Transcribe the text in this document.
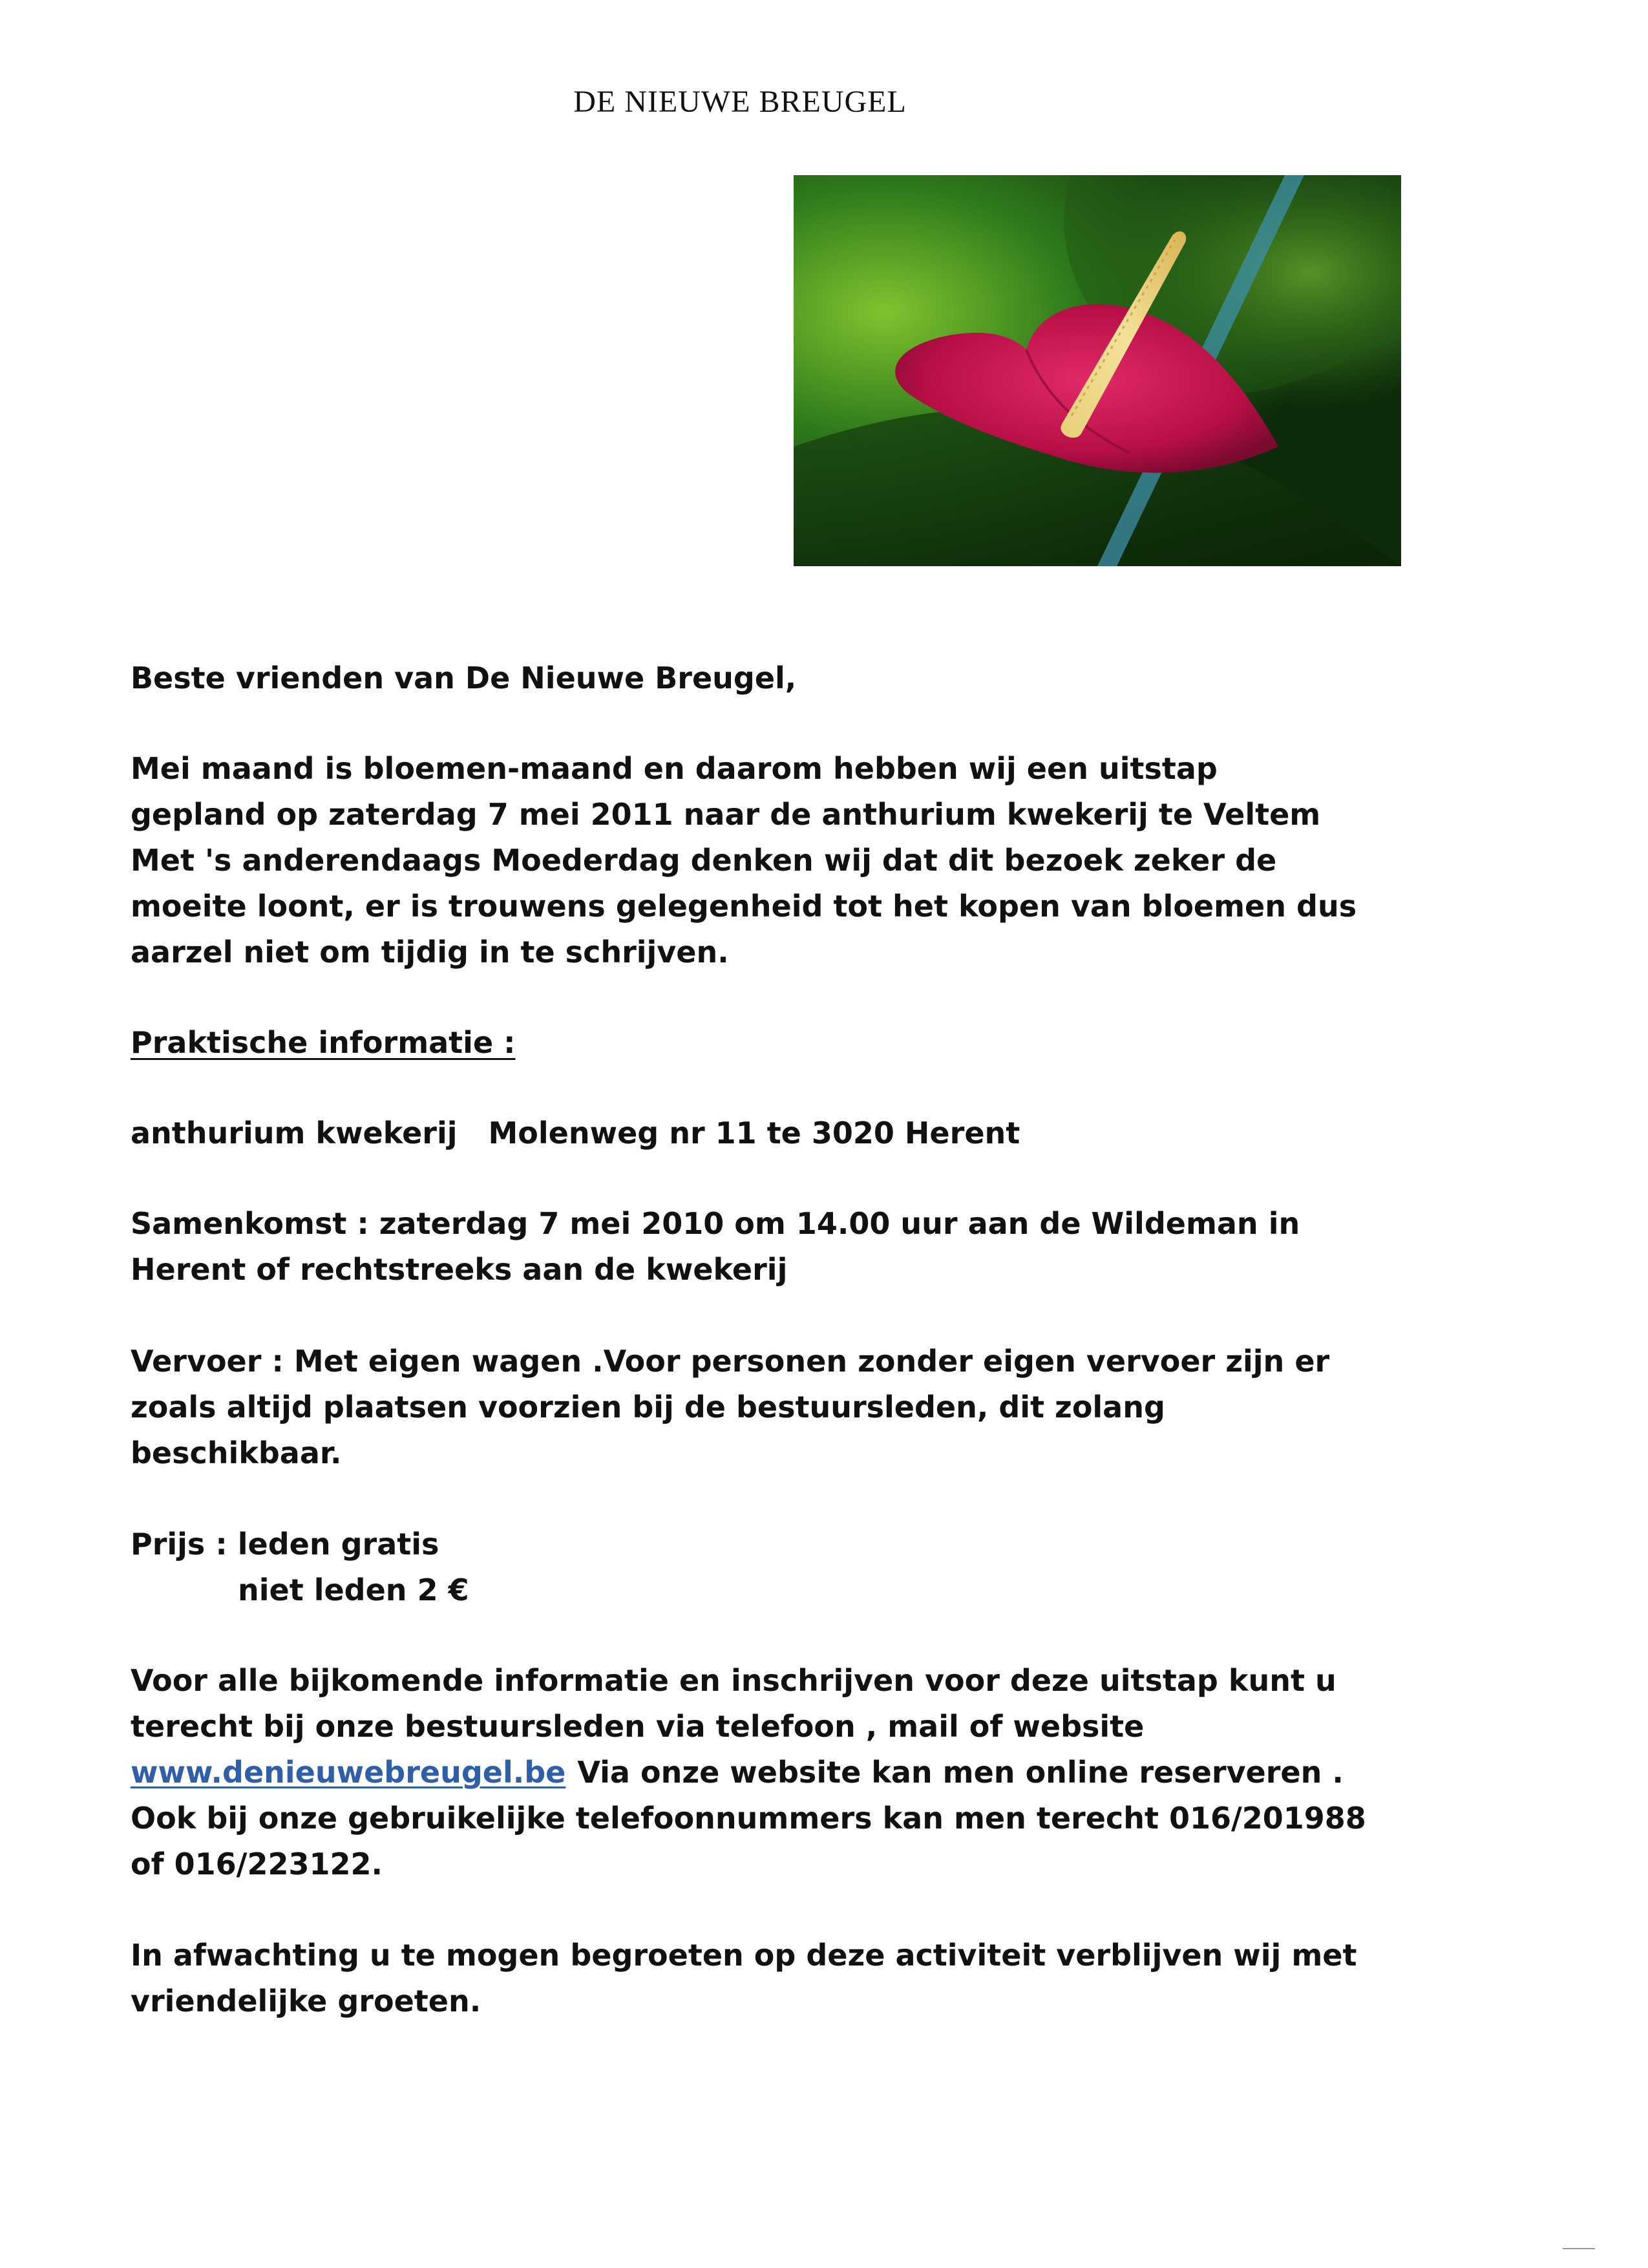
DE NIEUWE BREUGEL

Beste vrienden van De Nieuwe Breugel,

Mei maand is bloemen-maand en daarom hebben wij een uitstap

gepland op zaterdag 7 mei 2011 naar de anthurium kwekerij te Veltem

Met 's anderendaags Moederdag denken wij dat dit bezoek zeker de

moeite loont, er is trouwens gelegenheid tot het kopen van bloemen dus

aarzel niet om tijdig in te schrijven.

Praktische informatie :

anthurium kwekerij Molenweg nr 11 te 3020 Herent

Samenkomst : zaterdag 7 mei 2010 om 14.00 uur aan de Wildeman in

Herent of rechtstreeks aan de kwekerij

Vervoer : Met eigen wagen .Voor personen zonder eigen vervoer zijn er

zoals altijd plaatsen voorzien bij de bestuursleden, dit zolang

beschikbaar.

Prijs : leden gratis

niet leden 2 €

Voor alle bijkomende informatie en inschrijven voor deze uitstap kunt u

terecht bij onze bestuursleden via telefoon , mail of website

www.denieuwebreugel.be Via onze website kan men online reserveren .

Ook bij onze gebruikelijke telefoonnummers kan men terecht 016/201988

of 016/223122.

In afwachting u te mogen begroeten op deze activiteit verblijven wij met

vriendelijke groeten.
